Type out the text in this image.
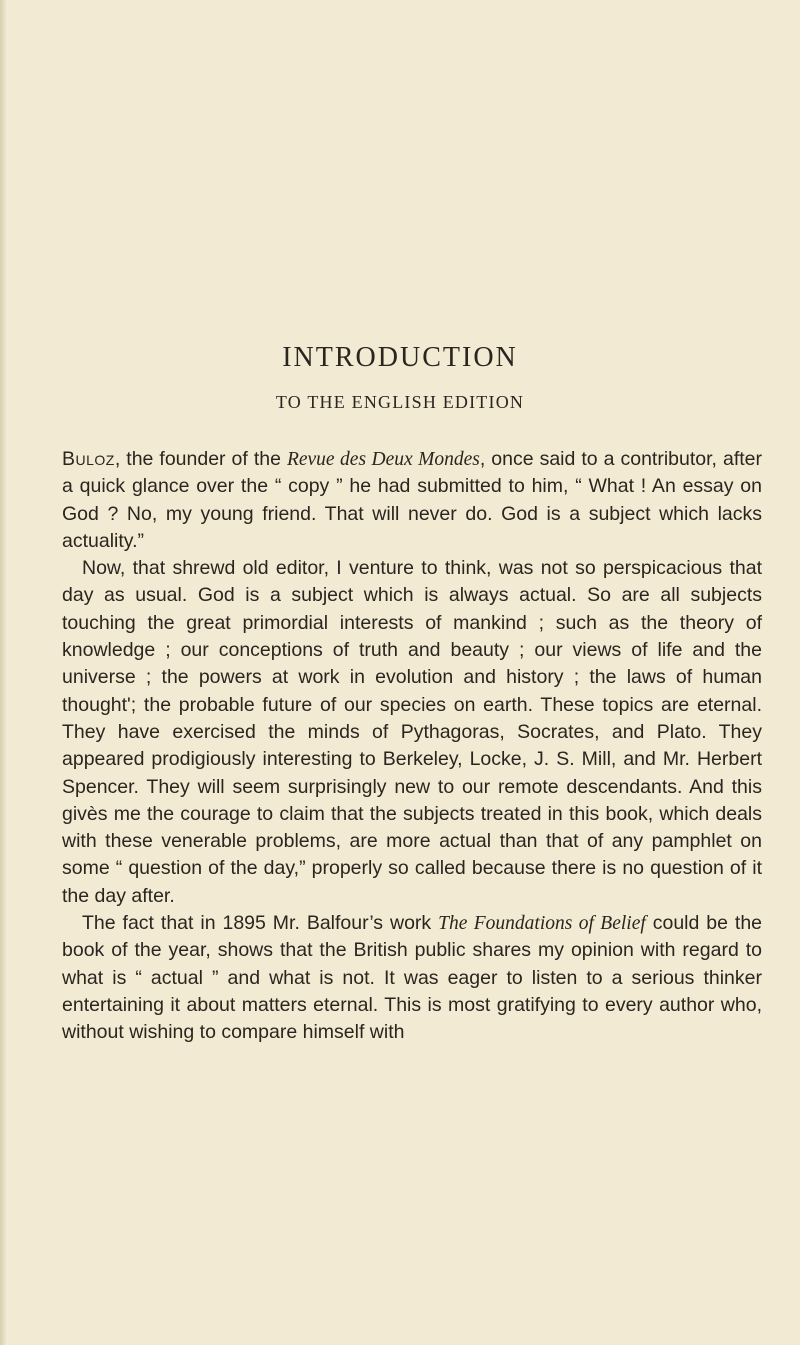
INTRODUCTION
TO THE ENGLISH EDITION

Buloz, the founder of the Revue des Deux Mondes, once said to a contributor, after a quick glance over the “ copy ” he had submitted to him, “ What ! An essay on God ? No, my young friend. That will never do. God is a subject which lacks actuality.”

Now, that shrewd old editor, I venture to think, was not so perspicacious that day as usual. God is a subject which is always actual. So are all subjects touching the great primordial interests of mankind ; such as the theory of knowledge ; our conceptions of truth and beauty ; our views of life and the universe ; the powers at work in evolution and history ; the laws of human thought'; the probable future of our species on earth. These topics are eternal. They have exercised the minds of Pythagoras, Socrates, and Plato. They appeared prodigiously interesting to Berkeley, Locke, J. S. Mill, and Mr. Herbert Spencer. They will seem surprisingly new to our remote descendants. And this givès me the courage to claim that the subjects treated in this book, which deals with these venerable problems, are more actual than that of any pamphlet on some “ question of the day,” properly so called because there is no question of it the day after.

The fact that in 1895 Mr. Balfour’s work The Foundations of Belief could be the book of the year, shows that the British public shares my opinion with regard to what is “ actual ” and what is not. It was eager to listen to a serious thinker entertaining it about matters eternal. This is most gratifying to every author who, without wishing to compare himself with
